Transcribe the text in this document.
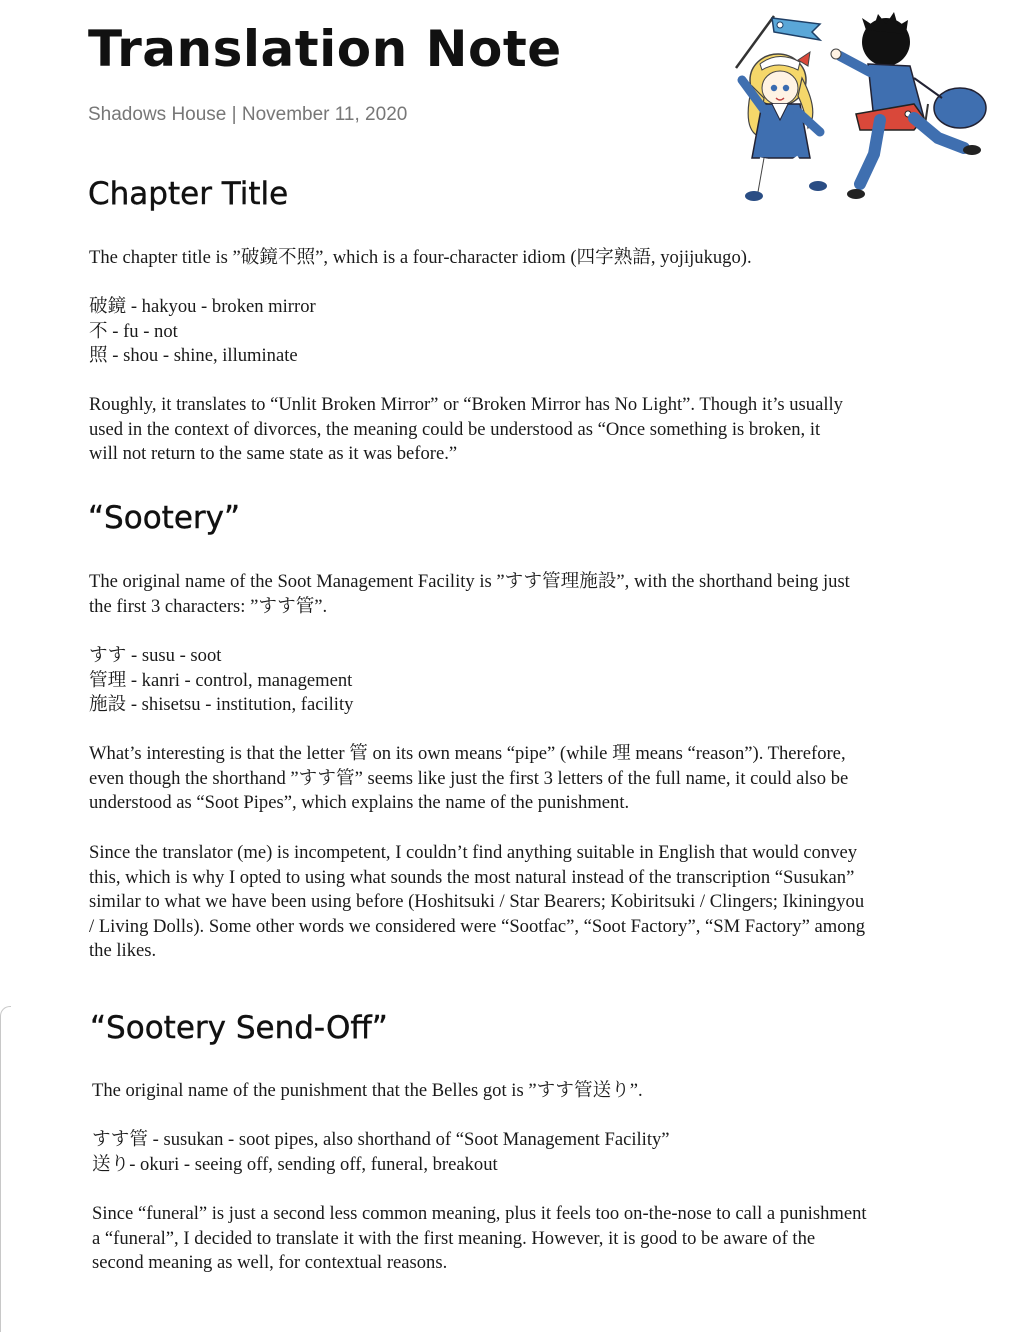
Translation Note
Shadows House | November 11, 2020
Chapter Title

The chapter title is ”破鏡不照”, which is a four-character idiom (四字熟語, yojijukugo).

破鏡 - hakyou - broken mirror
不 - fu - not
照 - shou - shine, illuminate

Roughly, it translates to “Unlit Broken Mirror” or “Broken Mirror has No Light”. Though it’s usually
used in the context of divorces, the meaning could be understood as “Once something is broken, it
will not return to the same state as it was before.”

“Sootery”

The original name of the Soot Management Facility is ”すす管理施設”, with the shorthand being just
the first 3 characters: ”すす管”.

すす - susu - soot
管理 - kanri - control, management
施設 - shisetsu - institution, facility

What’s interesting is that the letter 管 on its own means “pipe” (while 理 means “reason”). Therefore,
even though the shorthand ”すす管” seems like just the first 3 letters of the full name, it could also be
understood as “Soot Pipes”, which explains the name of the punishment.

Since the translator (me) is incompetent, I couldn’t find anything suitable in English that would convey
this, which is why I opted to using what sounds the most natural instead of the transcription “Susukan”
similar to what we have been using before (Hoshitsuki / Star Bearers; Kobiritsuki / Clingers; Ikiningyou
/ Living Dolls). Some other words we considered were “Sootfac”, “Soot Factory”, “SM Factory” among
the likes.

“Sootery Send-Off”

The original name of the punishment that the Belles got is ”すす管送り”.

すす管 - susukan - soot pipes, also shorthand of “Soot Management Facility”
送り- okuri - seeing off, sending off, funeral, breakout

Since “funeral” is just a second less common meaning, plus it feels too on-the-nose to call a punishment
a “funeral”, I decided to translate it with the first meaning. However, it is good to be aware of the
second meaning as well, for contextual reasons.
